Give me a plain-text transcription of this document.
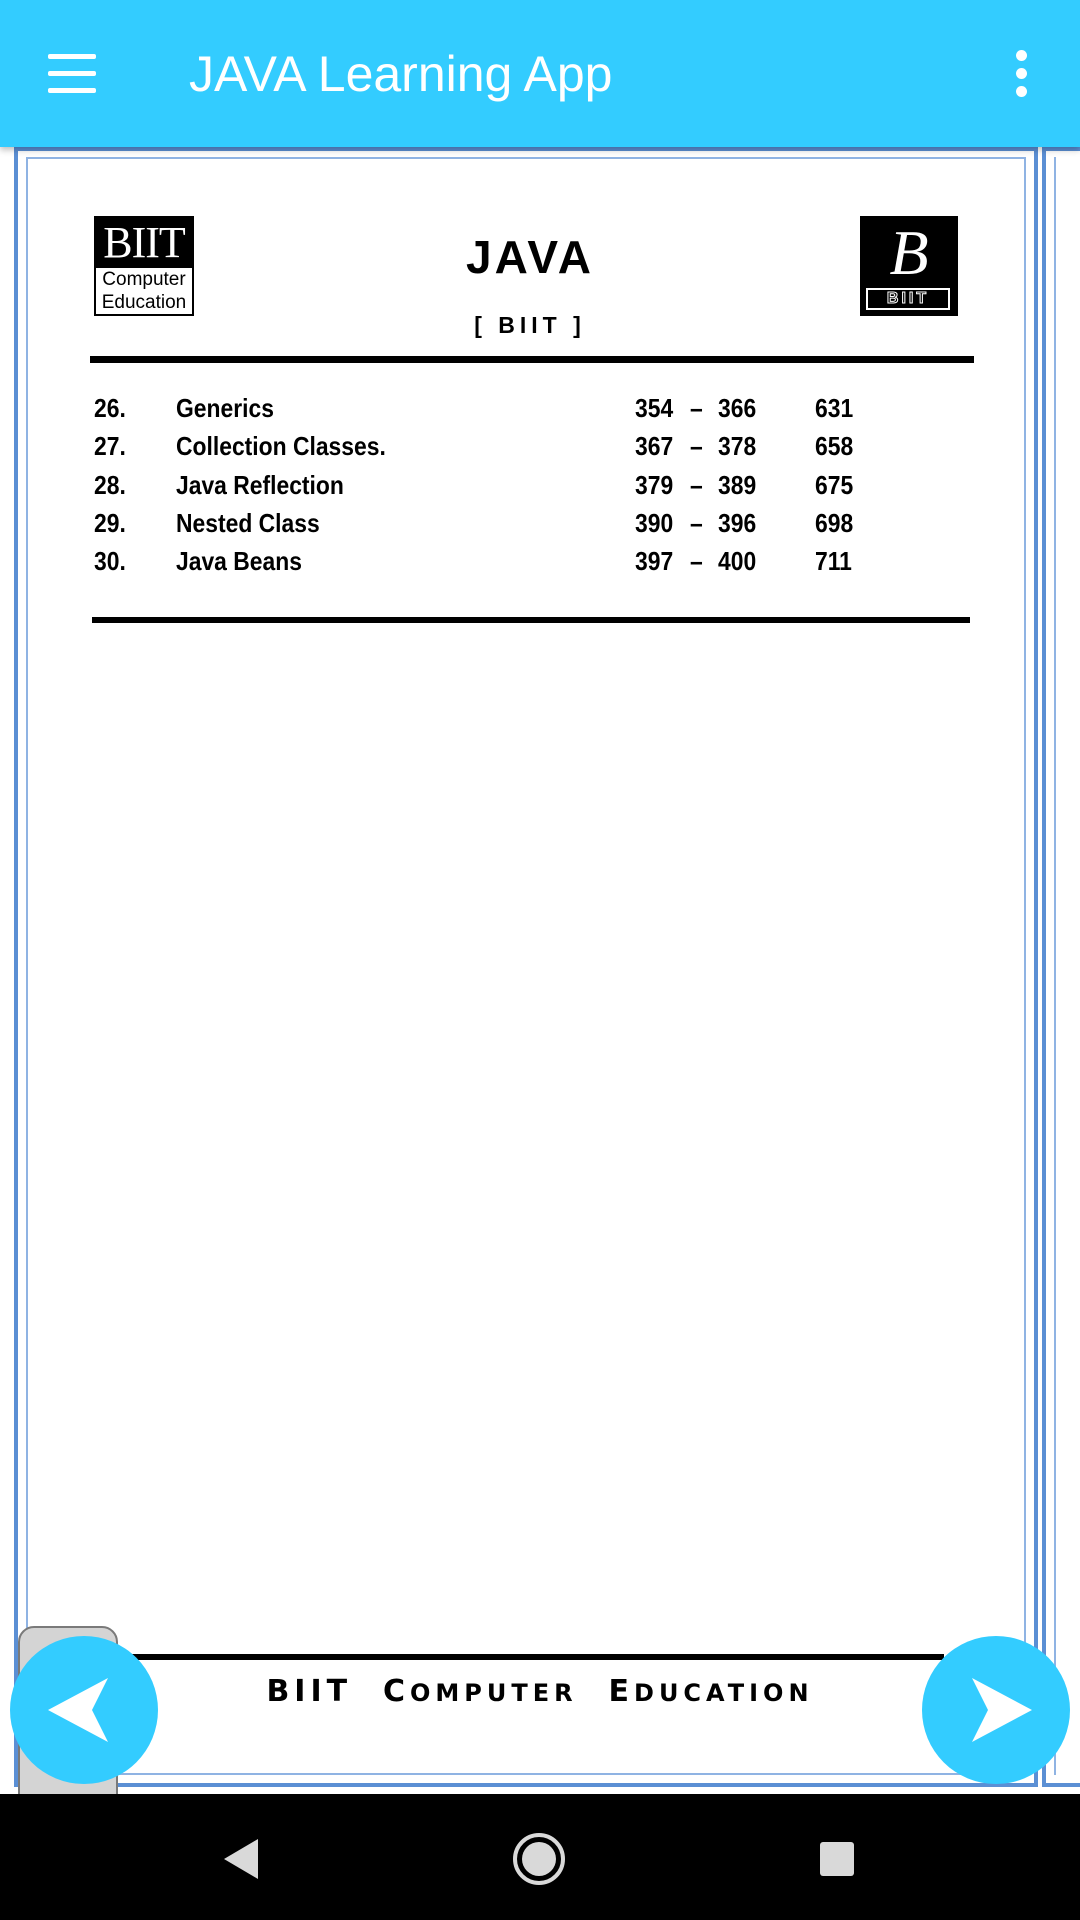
JAVA Learning App
BIIT
Computer
Education
JAVA
[ BIIT ]
B
BIIT
26. Generics	354 – 366 631
27. Collection Classes.	367 – 378 658
28. Java Reflection	379 – 389 675
29. Nested Class	390 – 396 698
30. Java Beans	397 – 400 711
BIIT COMPUTER EDUCATION
